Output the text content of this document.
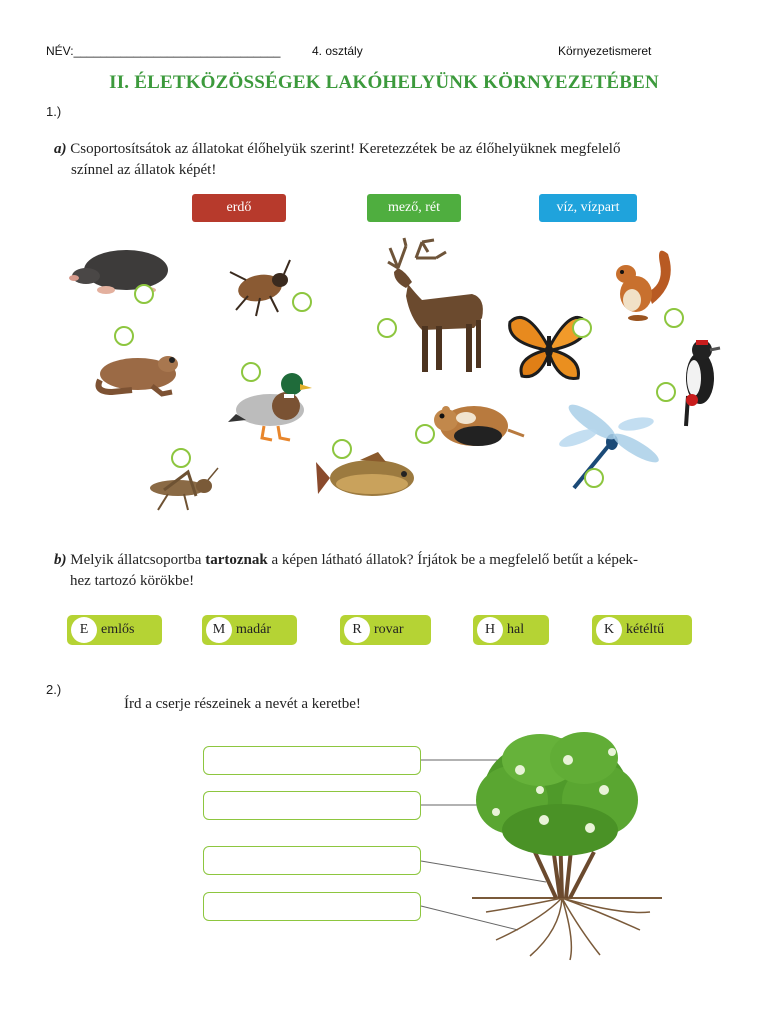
NÉV:_______________________________	4. osztály	Környezetismeret
II. ÉLETKÖZÖSSÉGEK LAKÓHELYÜNK KÖRNYEZETÉBEN
1.)
a) Csoportosítsátok az állatokat élőhelyük szerint! Keretezzétek be az élőhelyüknek megfelelő
színnel az állatok képét!
erdő	mező, rét	víz, vízpart
b) Melyik állatcsoportba tartoznak a képen látható állatok? Írjátok be a megfelelő betűt a képek-
hez tartozó körökbe!
E emlős	M madár	R rovar	H hal	K kétéltű
2.)
Írd a cserje részeinek a nevét a keretbe!
